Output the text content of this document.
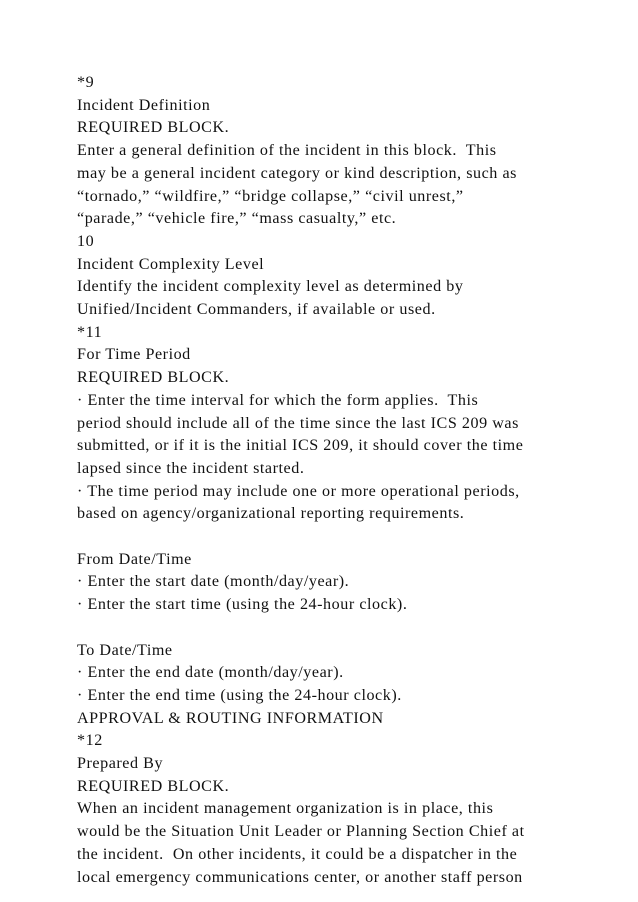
*9
Incident Definition
REQUIRED BLOCK.
Enter a general definition of the incident in this block.  This
may be a general incident category or kind description, such as
“tornado,” “wildfire,” “bridge collapse,” “civil unrest,”
“parade,” “vehicle fire,” “mass casualty,” etc.
10
Incident Complexity Level
Identify the incident complexity level as determined by
Unified/Incident Commanders, if available or used.
*11
For Time Period
REQUIRED BLOCK.
· Enter the time interval for which the form applies.  This
period should include all of the time since the last ICS 209 was
submitted, or if it is the initial ICS 209, it should cover the time
lapsed since the incident started.
· The time period may include one or more operational periods,
based on agency/organizational reporting requirements.
From Date/Time
· Enter the start date (month/day/year).
· Enter the start time (using the 24-hour clock).
To Date/Time
· Enter the end date (month/day/year).
· Enter the end time (using the 24-hour clock).
APPROVAL & ROUTING INFORMATION
*12
Prepared By
REQUIRED BLOCK.
When an incident management organization is in place, this
would be the Situation Unit Leader or Planning Section Chief at
the incident.  On other incidents, it could be a dispatcher in the
local emergency communications center, or another staff person
